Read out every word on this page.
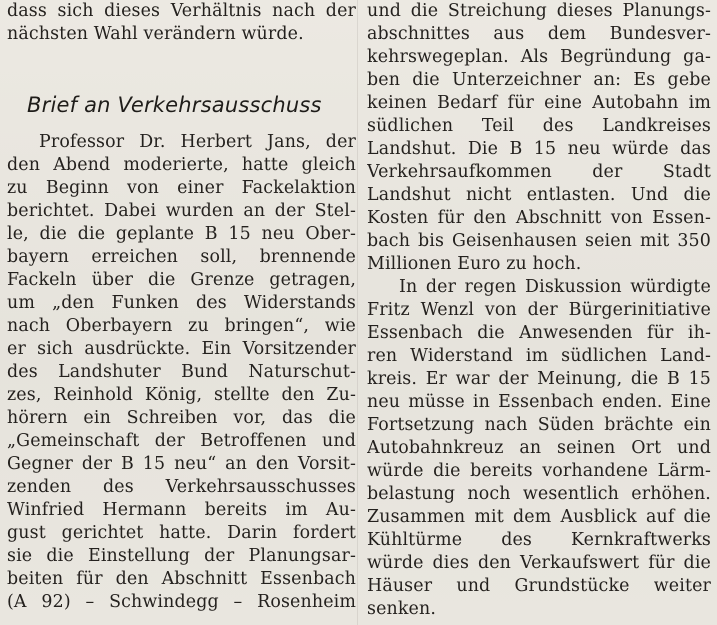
dass sich dieses Verhältnis nach der
nächsten Wahl verändern würde.
Brief an Verkehrsausschuss
Professor Dr. Herbert Jans, der
den Abend moderierte, hatte gleich
zu Beginn von einer Fackelaktion
berichtet. Dabei wurden an der Stel-
le, die die geplante B 15 neu Ober-
bayern erreichen soll, brennende
Fackeln über die Grenze getragen,
um „den Funken des Widerstands
nach Oberbayern zu bringen“, wie
er sich ausdrückte. Ein Vorsitzender
des Landshuter Bund Naturschut-
zes, Reinhold König, stellte den Zu-
hörern ein Schreiben vor, das die
„Gemeinschaft der Betroffenen und
Gegner der B 15 neu“ an den Vorsit-
zenden des Verkehrsausschusses
Winfried Hermann bereits im Au-
gust gerichtet hatte. Darin fordert
sie die Einstellung der Planungsar-
beiten für den Abschnitt Essenbach
(A 92) – Schwindegg – Rosenheim
und die Streichung dieses Planungs-
abschnittes aus dem Bundesver-
kehrswegeplan. Als Begründung ga-
ben die Unterzeichner an: Es gebe
keinen Bedarf für eine Autobahn im
südlichen Teil des Landkreises
Landshut. Die B 15 neu würde das
Verkehrsaufkommen der Stadt
Landshut nicht entlasten. Und die
Kosten für den Abschnitt von Essen-
bach bis Geisenhausen seien mit 350
Millionen Euro zu hoch.
In der regen Diskussion würdigte
Fritz Wenzl von der Bürgerinitiative
Essenbach die Anwesenden für ih-
ren Widerstand im südlichen Land-
kreis. Er war der Meinung, die B 15
neu müsse in Essenbach enden. Eine
Fortsetzung nach Süden brächte ein
Autobahnkreuz an seinen Ort und
würde die bereits vorhandene Lärm-
belastung noch wesentlich erhöhen.
Zusammen mit dem Ausblick auf die
Kühltürme des Kernkraftwerks
würde dies den Verkaufswert für die
Häuser und Grundstücke weiter
senken.
